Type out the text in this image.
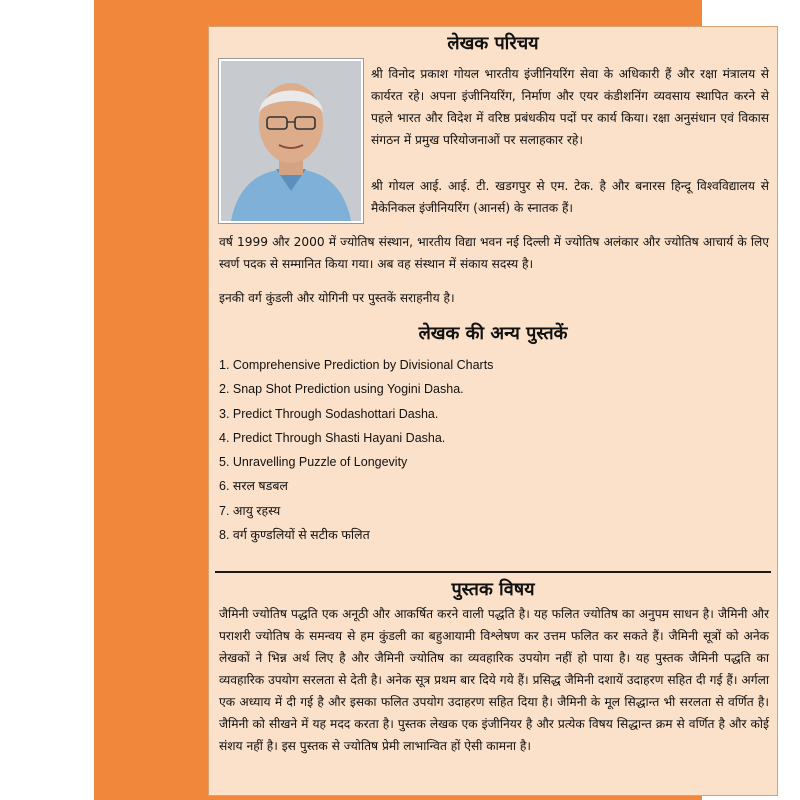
लेखक परिचय

श्री विनोद प्रकाश गोयल भारतीय इंजीनियरिंग सेवा के अधिकारी हैं और रक्षा मंत्रालय से कार्यरत रहे। अपना इंजीनियरिंग, निर्माण और एयर कंडीशनिंग व्यवसाय स्थापित करने से पहले भारत और विदेश में वरिष्ठ प्रबंधकीय पदों पर कार्य किया। रक्षा अनुसंधान एवं विकास संगठन में प्रमुख परियोजनाओं पर सलाहकार रहे।

श्री गोयल आई. आई. टी. खडगपुर से एम. टेक. है और बनारस हिन्दू विश्वविद्यालय से मैकेनिकल इंजीनियरिंग (आनर्स) के स्नातक हैं।

वर्ष 1999 और 2000 में ज्योतिष संस्थान, भारतीय विद्या भवन नई दिल्ली में ज्योतिष अलंकार और ज्योतिष आचार्य के लिए स्वर्ण पदक से सम्मानित किया गया। अब वह संस्थान में संकाय सदस्य है।

इनकी वर्ग कुंडली और योगिनी पर पुस्तकें सराहनीय है।

लेखक की अन्य पुस्तकें
1. Comprehensive Prediction by Divisional Charts
2. Snap Shot Prediction using Yogini Dasha.
3. Predict Through Sodashottari Dasha.
4. Predict Through Shasti Hayani Dasha.
5. Unravelling Puzzle of Longevity
6. सरल षडबल
7. आयु रहस्य
8. वर्ग कुण्डलियों से सटीक फलित
पुस्तक विषय

जैमिनी ज्योतिष पद्धति एक अनूठी और आकर्षित करने वाली पद्धति है। यह फलित ज्योतिष का अनुपम साधन है। जैमिनी और पराशरी ज्योतिष के समन्वय से हम कुंडली का बहुआयामी विश्लेषण कर उत्तम फलित कर सकते हैं। जैमिनी सूत्रों को अनेक लेखकों ने भिन्न अर्थ लिए है और जैमिनी ज्योतिष का व्यवहारिक उपयोग नहीं हो पाया है। यह पुस्तक जैमिनी पद्धति का व्यवहारिक उपयोग सरलता से देती है। अनेक सूत्र प्रथम बार दिये गये हैं। प्रसिद्ध जैमिनी दशायें उदाहरण सहित दी गई हैं। अर्गला एक अध्याय में दी गई है और इसका फलित उपयोग उदाहरण सहित दिया है। जैमिनी के मूल सिद्धान्त भी सरलता से वर्णित है। जैमिनी को सीखने में यह मदद करता है। पुस्तक लेखक एक इंजीनियर है और प्रत्येक विषय सिद्धान्त क्रम से वर्णित है और कोई संशय नहीं है। इस पुस्तक से ज्योतिष प्रेमी लाभान्वित हों ऐसी कामना है।
